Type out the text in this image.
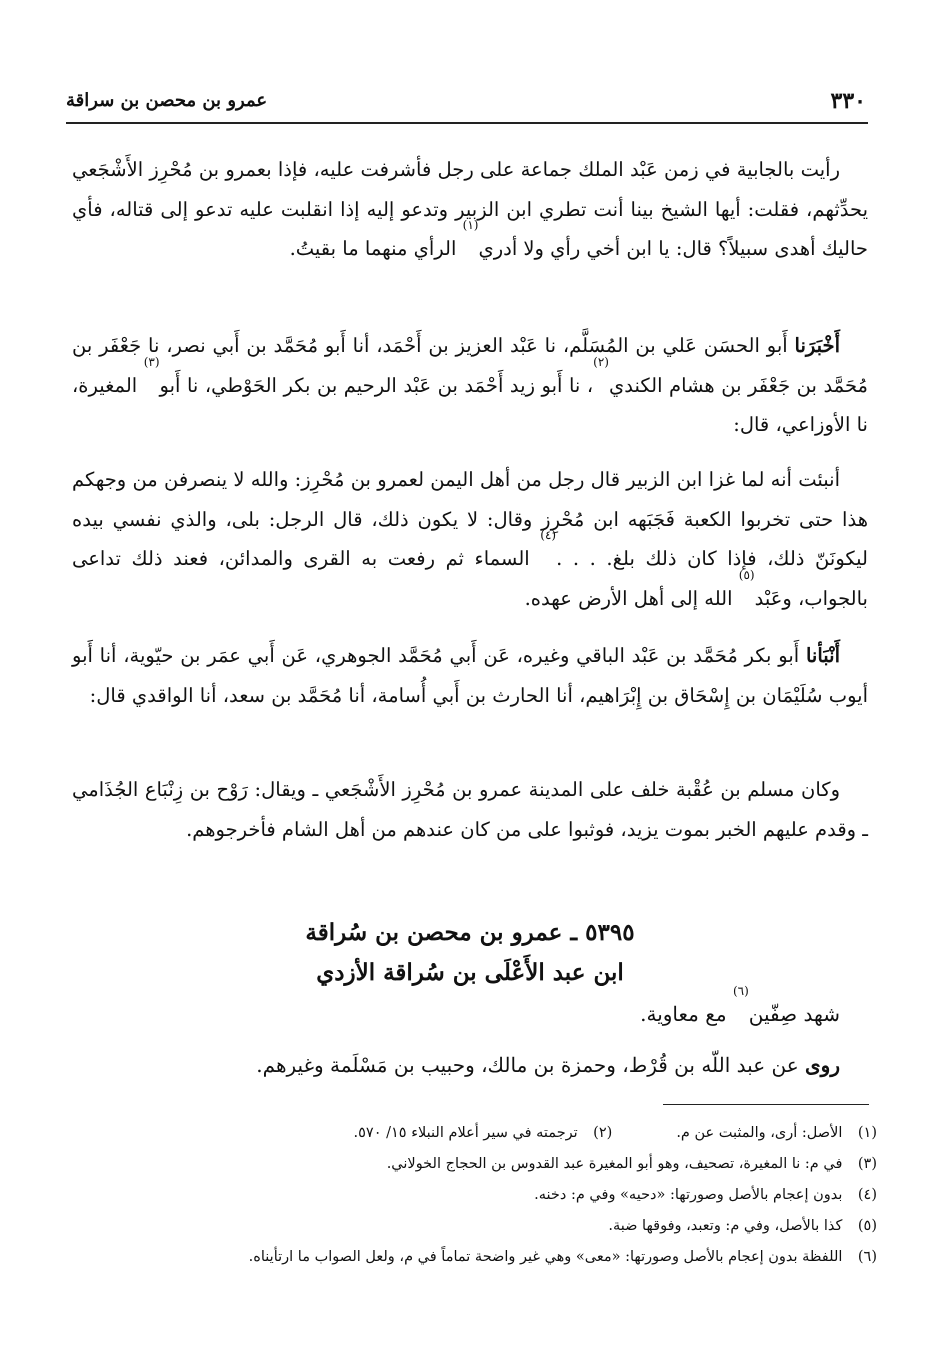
٣٣٠
عمرو بن محصن بن سراقة

رأيت بالجابية في زمن عَبْد الملك جماعة على رجل فأشرفت عليه، فإذا بعمرو بن مُحْرِز الأَشْجَعي يحدِّثهم، فقلت: أيها الشيخ بينا أنت تطري ابن الزبير وتدعو إليه إذا انقلبت عليه تدعو إلى قتاله، فأي حاليك أهدى سبيلاً؟ قال: يا ابن أخي رأي ولا أدري$^{(١)}$ الرأي منهما ما بقيتُ.

أَخْبَرَنا أَبو الحسَن عَلي بن المُسَلَّم، نا عَبْد العزيز بن أَحْمَد، أنا أَبو مُحَمَّد بن أَبي نصر، نا جَعْفَر بن مُحَمَّد بن جَعْفَر بن هشام الكندي$^{(٢)}$، نا أَبو زيد أَحْمَد بن عَبْد الرحيم بن بكر الحَوْطي، نا أَبو$^{(٣)}$ المغيرة، نا الأوزاعي، قال:

أنبئت أنه لما غزا ابن الزبير قال رجل من أهل اليمن لعمرو بن مُحْرِز: والله لا ينصرفن من وجهكم هذا حتى تخربوا الكعبة فَجَبَهه ابن مُحْرِز وقال: لا يكون ذلك، قال الرجل: بلى، والذي نفسي بيده ليكونَنّ ذلك، فإذا كان ذلك بلغ. . . .$^{(٤)}$ السماء ثم رفعت به القرى والمدائن، فعند ذلك تداعى بالجواب، وعَبْد$^{(٥)}$ الله إلى أهل الأرض عهده.

أَنْبَأنا أَبو بكر مُحَمَّد بن عَبْد الباقي وغيره، عَن أَبي مُحَمَّد الجوهري، عَن أَبي عمَر بن حيّوية، أنا أَبو أيوب سُلَيْمَان بن إِسْحَاق بن إِبْرَاهيم، أنا الحارث بن أَبي أُسامة، أنا مُحَمَّد بن سعد، أنا الواقدي قال:

وكان مسلم بن عُقْبة خلف على المدينة عمرو بن مُحْرِز الأَشْجَعي ـ ويقال: رَوْح بن زِنْبَاع الجُذَامي ـ وقدم عليهم الخبر بموت يزيد، فوثبوا على من كان عندهم من أهل الشام فأخرجوهم.

٥٣٩٥ ـ عمرو بن محصن بن سُراقة
ابن عبد الأَعْلَى بن سُراقة الأزدي

شهد صِفّين$^{(٦)}$ مع معاوية.

روى عن عبد اللّه بن قُرْط، وحمزة بن مالك، وحبيب بن مَسْلَمة وغيرهم.

(١) الأصل: أرى، والمثبت عن م.
(٢) ترجمته في سير أعلام النبلاء ١٥/ ٥٧٠.
(٣) في م: نا المغيرة، تصحيف، وهو أبو المغيرة عبد القدوس بن الحجاج الخولاني.
(٤) بدون إعجام بالأصل وصورتها: «دحيه» وفي م: دخنه.
(٥) كذا بالأصل، وفي م: وتعبد، وفوقها ضبة.
(٦) اللفظة بدون إعجام بالأصل وصورتها: «معى» وهي غير واضحة تماماً في م، ولعل الصواب ما ارتأيناه.
